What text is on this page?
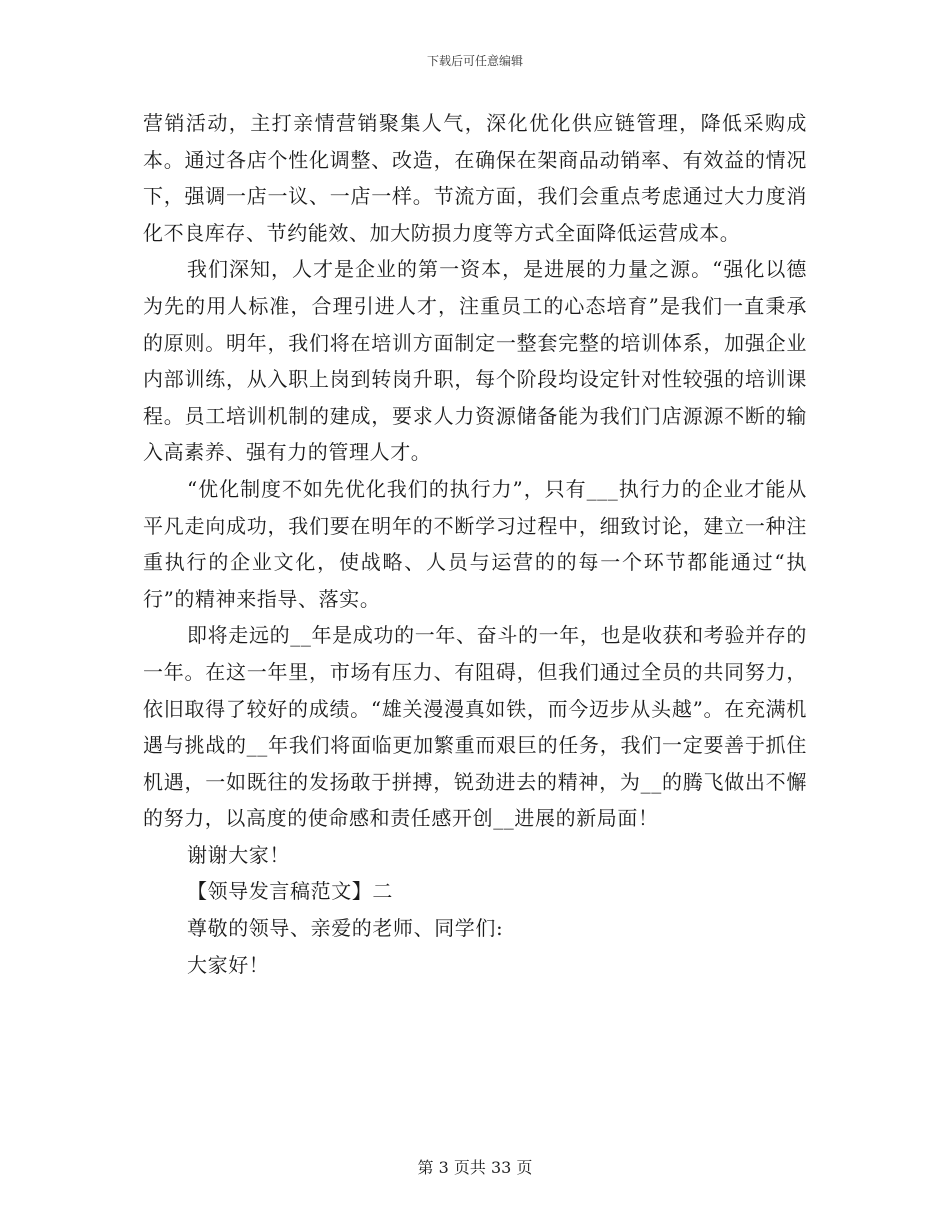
下载后可任意编辑

营销活动，主打亲情营销聚集人气，深化优化供应链管理，降低采购成本。通过各店个性化调整、改造，在确保在架商品动销率、有效益的情况下，强调一店一议、一店一样。节流方面，我们会重点考虑通过大力度消化不良库存、节约能效、加大防损力度等方式全面降低运营成本。

我们深知，人才是企业的第一资本，是进展的力量之源。“强化以德为先的用人标准，合理引进人才，注重员工的心态培育”是我们一直秉承的原则。明年，我们将在培训方面制定一整套完整的培训体系，加强企业内部训练，从入职上岗到转岗升职，每个阶段均设定针对性较强的培训课程。员工培训机制的建成，要求人力资源储备能为我们门店源源不断的输入高素养、强有力的管理人才。

“优化制度不如先优化我们的执行力”，只有___执行力的企业才能从平凡走向成功，我们要在明年的不断学习过程中，细致讨论，建立一种注重执行的企业文化，使战略、人员与运营的的每一个环节都能通过“执行”的精神来指导、落实。

即将走远的__年是成功的一年、奋斗的一年，也是收获和考验并存的一年。在这一年里，市场有压力、有阻碍，但我们通过全员的共同努力，依旧取得了较好的成绩。“雄关漫漫真如铁，而今迈步从头越”。在充满机遇与挑战的__年我们将面临更加繁重而艰巨的任务，我们一定要善于抓住机遇，一如既往的发扬敢于拼搏，锐劲进去的精神，为__的腾飞做出不懈的努力，以高度的使命感和责任感开创__进展的新局面！

谢谢大家！

【领导发言稿范文】二

尊敬的领导、亲爱的老师、同学们:

大家好！

第 3 页共 33 页
